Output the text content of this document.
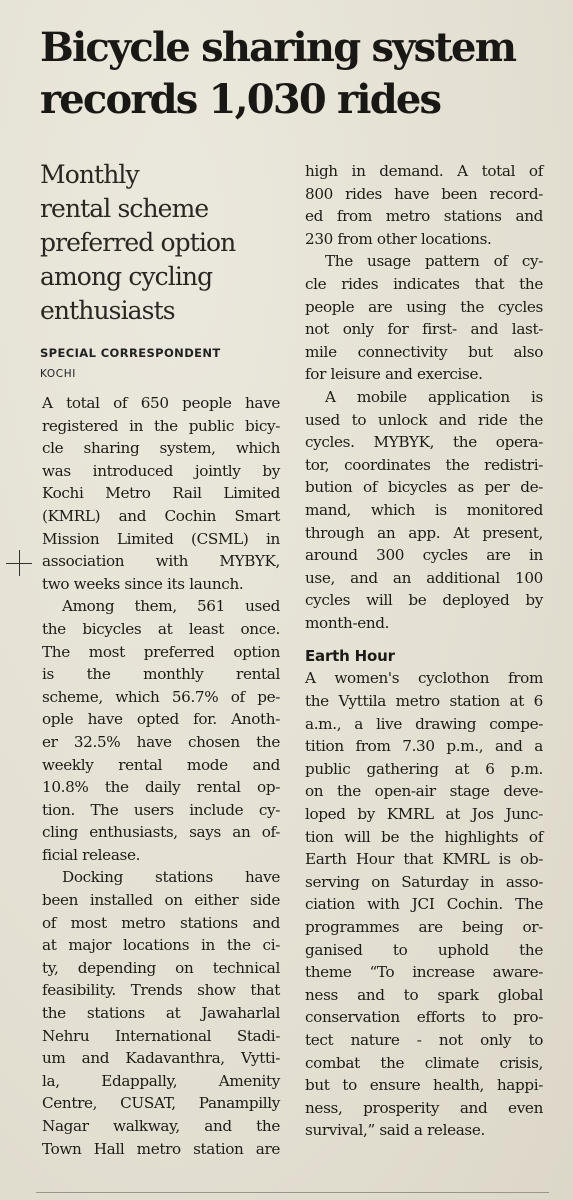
Bicycle sharing system
records 1,030 rides
Monthly
rental scheme
preferred option
among cycling
enthusiasts
SPECIAL CORRESPONDENT
KOCHI
A total of 650 people have
registered in the public bicy-
cle sharing system, which
was introduced jointly by
Kochi Metro Rail Limited
(KMRL) and Cochin Smart
Mission Limited (CSML) in
association with MYBYK,
two weeks since its launch.
Among them, 561 used
the bicycles at least once.
The most preferred option
is the monthly rental
scheme, which 56.7% of pe-
ople have opted for. Anoth-
er 32.5% have chosen the
weekly rental mode and
10.8% the daily rental op-
tion. The users include cy-
cling enthusiasts, says an of-
ficial release.
Docking stations have
been installed on either side
of most metro stations and
at major locations in the ci-
ty, depending on technical
feasibility. Trends show that
the stations at Jawaharlal
Nehru International Stadi-
um and Kadavanthra, Vytti-
la, Edappally, Amenity
Centre, CUSAT, Panampilly
Nagar walkway, and the
Town Hall metro station are
high in demand. A total of
800 rides have been record-
ed from metro stations and
230 from other locations.
The usage pattern of cy-
cle rides indicates that the
people are using the cycles
not only for first- and last-
mile connectivity but also
for leisure and exercise.
A mobile application is
used to unlock and ride the
cycles. MYBYK, the opera-
tor, coordinates the redistri-
bution of bicycles as per de-
mand, which is monitored
through an app. At present,
around 300 cycles are in
use, and an additional 100
cycles will be deployed by
month-end.
Earth Hour
A women's cyclothon from
the Vyttila metro station at 6
a.m., a live drawing compe-
tition from 7.30 p.m., and a
public gathering at 6 p.m.
on the open-air stage deve-
loped by KMRL at Jos Junc-
tion will be the highlights of
Earth Hour that KMRL is ob-
serving on Saturday in asso-
ciation with JCI Cochin. The
programmes are being or-
ganised to uphold the
theme “To increase aware-
ness and to spark global
conservation efforts to pro-
tect nature - not only to
combat the climate crisis,
but to ensure health, happi-
ness, prosperity and even
survival,” said a release.
